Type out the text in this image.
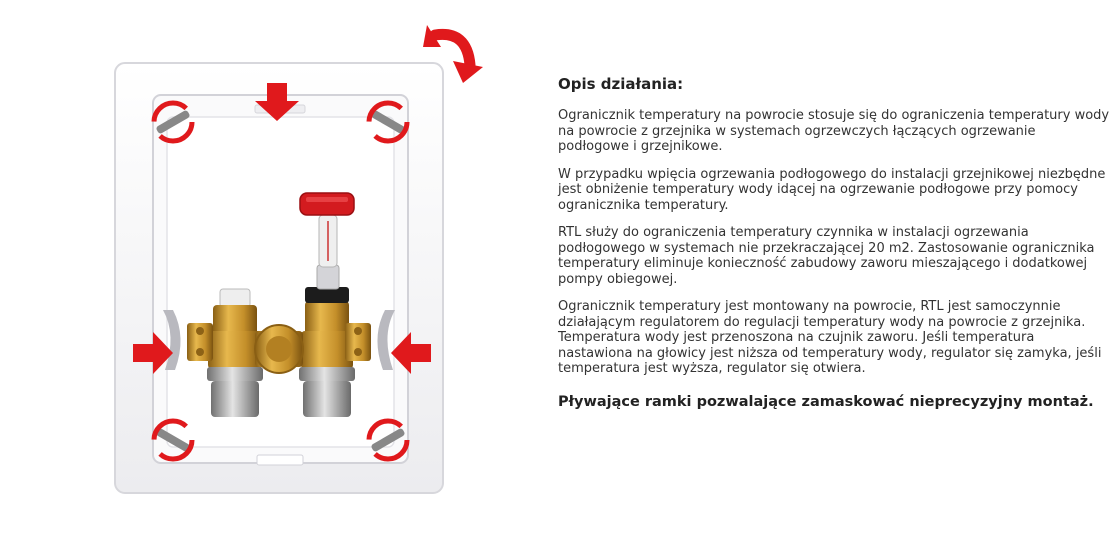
Opis działania:

Ogranicznik temperatury na powrocie stosuje się do ograniczenia temperatury wody na powrocie z grzejnika w systemach ogrzewczych łączących ogrzewanie podłogowe i grzejnikowe.

W przypadku wpięcia ogrzewania podłogowego do instalacji grzejnikowej niezbędne jest obniżenie temperatury wody idącej na ogrzewanie podłogowe przy pomocy ogranicznika temperatury.

RTL służy do ograniczenia temperatury czynnika w instalacji ogrzewania podłogowego w systemach nie przekraczającej 20 m2. Zastosowanie ogranicznika temperatury eliminuje konieczność zabudowy zaworu mieszającego i dodatkowej pompy obiegowej.

Ogranicznik temperatury jest montowany na powrocie, RTL jest samoczynnie działającym regulatorem do regulacji temperatury wody na powrocie z grzejnika. Temperatura wody jest przenoszona na czujnik zaworu. Jeśli temperatura nastawiona na głowicy jest niższa od temperatury wody, regulator się zamyka, jeśli temperatura jest wyższa, regulator się otwiera.

Pływające ramki pozwalające zamaskować nieprecyzyjny montaż.
